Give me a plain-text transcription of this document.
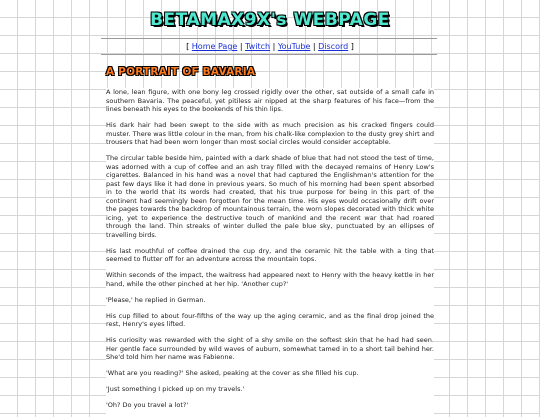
BETAMAX9X's WEBPAGE
[ Home Page | Twitch | YouTube | Discord ]
A PORTRAIT OF BAVARIA

A lone, lean figure, with one bony leg crossed rigidly over the other, sat outside of a small cafe in southern Bavaria. The peaceful, yet pitiless air nipped at the sharp features of his face—from the lines beneath his eyes to the bookends of his thin lips.

His dark hair had been swept to the side with as much precision as his cracked fingers could muster. There was little colour in the man, from his chalk-like complexion to the dusty grey shirt and trousers that had been worn longer than most social circles would consider acceptable.

The circular table beside him, painted with a dark shade of blue that had not stood the test of time, was adorned with a cup of coffee and an ash tray filled with the decayed remains of Henry Low's cigarettes. Balanced in his hand was a novel that had captured the Englishman's attention for the past few days like it had done in previous years. So much of his morning had been spent absorbed in to the world that its words had created, that his true purpose for being in this part of the continent had seemingly been forgotten for the mean time. His eyes would occasionally drift over the pages towards the backdrop of mountainous terrain, the worn slopes decorated with thick white icing, yet to experience the destructive touch of mankind and the recent war that had roared through the land. Thin streaks of winter dulled the pale blue sky, punctuated by an ellipses of travelling birds.

His last mouthful of coffee drained the cup dry, and the ceramic hit the table with a ting that seemed to flutter off for an adventure across the mountain tops.

Within seconds of the impact, the waitress had appeared next to Henry with the heavy kettle in her hand, while the other pinched at her hip. 'Another cup?'

'Please,' he replied in German.

His cup filled to about four-fifths of the way up the aging ceramic, and as the final drop joined the rest, Henry's eyes lifted.

His curiosity was rewarded with the sight of a shy smile on the softest skin that he had had seen. Her gentle face surrounded by wild waves of auburn, somewhat tamed in to a short tail behind her. She'd told him her name was Fabienne.

'What are you reading?' She asked, peaking at the cover as she filled his cup.

'Just something I picked up on my travels.'

'Oh? Do you travel a lot?'
